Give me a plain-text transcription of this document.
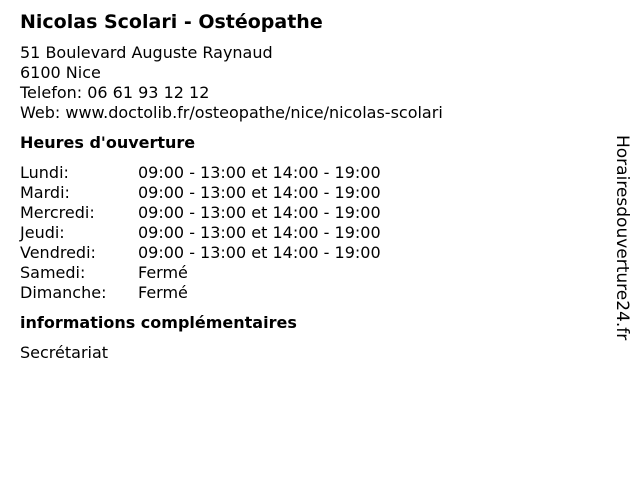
Nicolas Scolari - Ostéopathe
51 Boulevard Auguste Raynaud
6100 Nice
Telefon: 06 61 93 12 12
Web: www.doctolib.fr/osteopathe/nice/nicolas-scolari
Heures d'ouverture
Lundi:	09:00 - 13:00 et 14:00 - 19:00
Mardi:	09:00 - 13:00 et 14:00 - 19:00
Mercredi:	09:00 - 13:00 et 14:00 - 19:00
Jeudi:	09:00 - 13:00 et 14:00 - 19:00
Vendredi:	09:00 - 13:00 et 14:00 - 19:00
Samedi:	Fermé
Dimanche:	Fermé
informations complémentaires
Secrétariat
Horairesdouverture24.fr
